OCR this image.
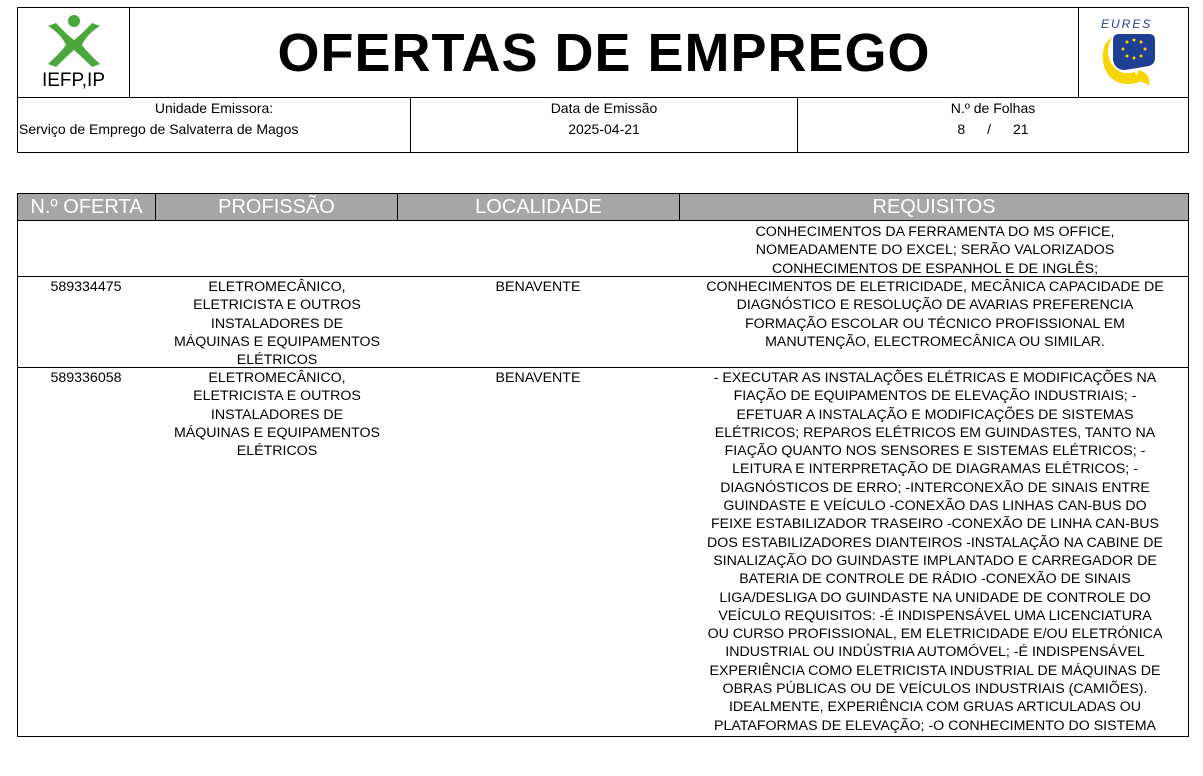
IEFP,IP	OFERTAS DE EMPREGO	EURES
Unidade Emissora:
Serviço de Emprego de Salvaterra de Magos
Data de Emissão
2025-04-21
N.º de Folhas
8 / 21
N.º OFERTA	PROFISSÃO	LOCALIDADE	REQUISITOS
CONHECIMENTOS DA FERRAMENTA DO MS OFFICE,
NOMEADAMENTE DO EXCEL; SERÃO VALORIZADOS
CONHECIMENTOS DE ESPANHOL E DE INGLÊS;
589334475	ELETROMECÂNICO,
ELETRICISTA E OUTROS
INSTALADORES DE
MÁQUINAS E EQUIPAMENTOS
ELÉTRICOS
BENAVENTE	CONHECIMENTOS DE ELETRICIDADE, MECÂNICA CAPACIDADE DE
DIAGNÓSTICO E RESOLUÇÃO DE AVARIAS PREFERENCIA
FORMAÇÃO ESCOLAR OU TÉCNICO PROFISSIONAL EM
MANUTENÇÃO, ELECTROMECÂNICA OU SIMILAR.
589336058	ELETROMECÂNICO,
ELETRICISTA E OUTROS
INSTALADORES DE
MÁQUINAS E EQUIPAMENTOS
ELÉTRICOS
BENAVENTE	- EXECUTAR AS INSTALAÇÕES ELÉTRICAS E MODIFICAÇÕES NA
FIAÇÃO DE EQUIPAMENTOS DE ELEVAÇÃO INDUSTRIAIS; -
EFETUAR A INSTALAÇÃO E MODIFICAÇÕES DE SISTEMAS
ELÉTRICOS; REPAROS ELÉTRICOS EM GUINDASTES, TANTO NA
FIAÇÃO QUANTO NOS SENSORES E SISTEMAS ELÉTRICOS; -
LEITURA E INTERPRETAÇÃO DE DIAGRAMAS ELÉTRICOS; -
DIAGNÓSTICOS DE ERRO; -INTERCONEXÃO DE SINAIS ENTRE
GUINDASTE E VEÍCULO -CONEXÃO DAS LINHAS CAN-BUS DO
FEIXE ESTABILIZADOR TRASEIRO -CONEXÃO DE LINHA CAN-BUS
DOS ESTABILIZADORES DIANTEIROS -INSTALAÇÃO NA CABINE DE
SINALIZAÇÃO DO GUINDASTE IMPLANTADO E CARREGADOR DE
BATERIA DE CONTROLE DE RÁDIO -CONEXÃO DE SINAIS
LIGA/DESLIGA DO GUINDASTE NA UNIDADE DE CONTROLE DO
VEÍCULO REQUISITOS: -É INDISPENSÁVEL UMA LICENCIATURA
OU CURSO PROFISSIONAL, EM ELETRICIDADE E/OU ELETRÓNICA
INDUSTRIAL OU INDÚSTRIA AUTOMÓVEL; -É INDISPENSÁVEL
EXPERIÊNCIA COMO ELETRICISTA INDUSTRIAL DE MÁQUINAS DE
OBRAS PÚBLICAS OU DE VEÍCULOS INDUSTRIAIS (CAMIÕES).
IDEALMENTE, EXPERIÊNCIA COM GRUAS ARTICULADAS OU
PLATAFORMAS DE ELEVAÇÃO; -O CONHECIMENTO DO SISTEMA
